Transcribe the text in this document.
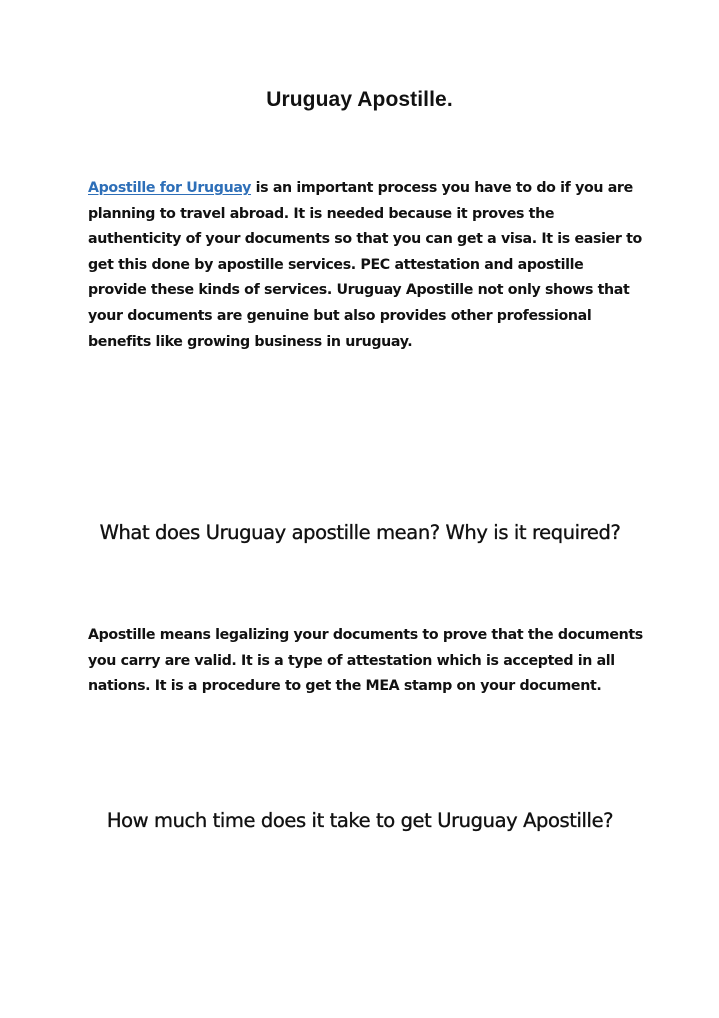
Uruguay Apostille.

Apostille for Uruguay is an important process you have to do if you are planning to travel abroad. It is needed because it proves the authenticity of your documents so that you can get a visa. It is easier to get this done by apostille services. PEC attestation and apostille provide these kinds of services. Uruguay Apostille not only shows that your documents are genuine but also provides other professional benefits like growing business in uruguay.

What does Uruguay apostille mean? Why is it required?

Apostille means legalizing your documents to prove that the documents you carry are valid. It is a type of attestation which is accepted in all nations. It is a procedure to get the MEA stamp on your document.

How much time does it take to get Uruguay Apostille?
